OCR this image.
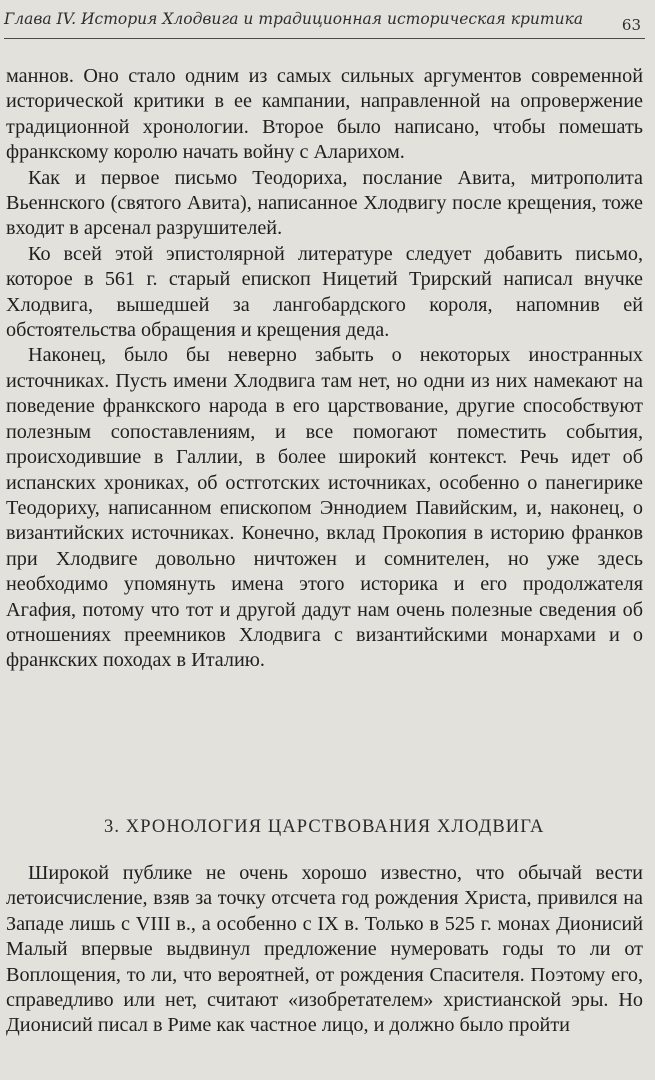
Глава IV. История Хлодвига и традиционная историческая критика	63

маннов. Оно стало одним из самых сильных аргументов современной исторической критики в ее кампании, направленной на опровержение традиционной хронологии. Второе было написано, чтобы помешать франкскому королю начать войну с Аларихом.

Как и первое письмо Теодориха, послание Авита, митрополита Вьеннского (святого Авита), написанное Хлодвигу после крещения, тоже входит в арсенал разрушителей.

Ко всей этой эпистолярной литературе следует добавить письмо, которое в 561 г. старый епископ Ницетий Трирский написал внучке Хлодвига, вышедшей за лангобардского короля, напомнив ей обстоятельства обращения и крещения деда.

Наконец, было бы неверно забыть о некоторых иностранных источниках. Пусть имени Хлодвига там нет, но одни из них намекают на поведение франкского народа в его царствование, другие способствуют полезным сопоставлениям, и все помогают поместить события, происходившие в Галлии, в более широкий контекст. Речь идет об испанских хрониках, об остготских источниках, особенно о панегирике Теодориху, написанном епископом Эннодием Павийским, и, наконец, о византийских источниках. Конечно, вклад Прокопия в историю франков при Хлодвиге довольно ничтожен и сомнителен, но уже здесь необходимо упомянуть имена этого историка и его продолжателя Агафия, потому что тот и другой дадут нам очень полезные сведения об отношениях преемников Хлодвига с византийскими монархами и о франкских походах в Италию.

3. ХРОНОЛОГИЯ ЦАРСТВОВАНИЯ ХЛОДВИГА

Широкой публике не очень хорошо известно, что обычай вести летоисчисление, взяв за точку отсчета год рождения Христа, привился на Западе лишь с VIII в., а особенно с IX в. Только в 525 г. монах Дионисий Малый впервые выдвинул предложение нумеровать годы то ли от Воплощения, то ли, что вероятней, от рождения Спасителя. Поэтому его, справедливо или нет, считают «изобретателем» христианской эры. Но Дионисий писал в Риме как частное лицо, и должно было пройти
